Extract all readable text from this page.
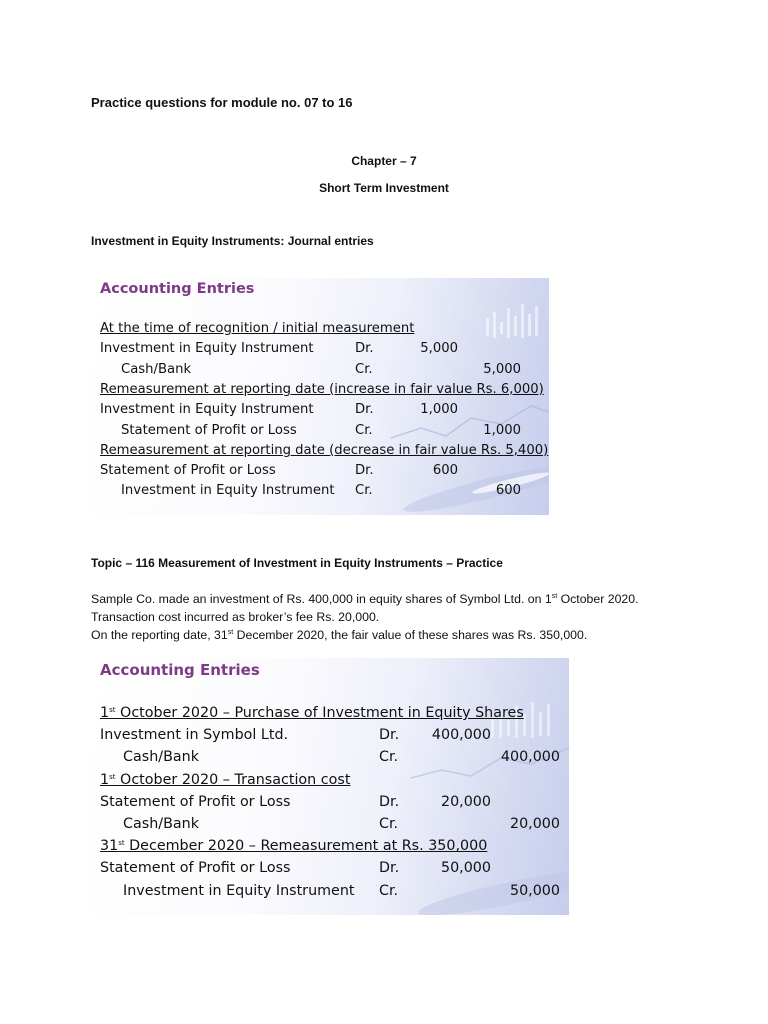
Practice questions for module no. 07 to 16
Chapter – 7
Short Term Investment
Investment in Equity Instruments: Journal entries
Accounting Entries
At the time of recognition / initial measurement
Investment in Equity Instrument	Dr.	5,000
Cash/Bank	Cr.	5,000
Remeasurement at reporting date (increase in fair value Rs. 6,000)
Investment in Equity Instrument	Dr.	1,000
Statement of Profit or Loss	Cr.	1,000
Remeasurement at reporting date (decrease in fair value Rs. 5,400)
Statement of Profit or Loss	Dr.	600
Investment in Equity Instrument Cr.	600
Topic – 116 Measurement of Investment in Equity Instruments – Practice

Sample Co. made an investment of Rs. 400,000 in equity shares of Symbol Ltd. on 1st October 2020.

Transaction cost incurred as broker’s fee Rs. 20,000.

On the reporting date, 31st December 2020, the fair value of these shares was Rs. 350,000.

Accounting Entries
1st October 2020 – Purchase of Investment in Equity Shares
Investment in Symbol Ltd.	Dr. 400,000
Cash/Bank	Cr.	400,000
1st October 2020 – Transaction cost
Statement of Profit or Loss	Dr.	20,000
Cash/Bank	Cr.	20,000
31st December 2020 – Remeasurement at Rs. 350,000
Statement of Profit or Loss	Dr.	50,000
Investment in Equity Instrument Cr.	50,000
